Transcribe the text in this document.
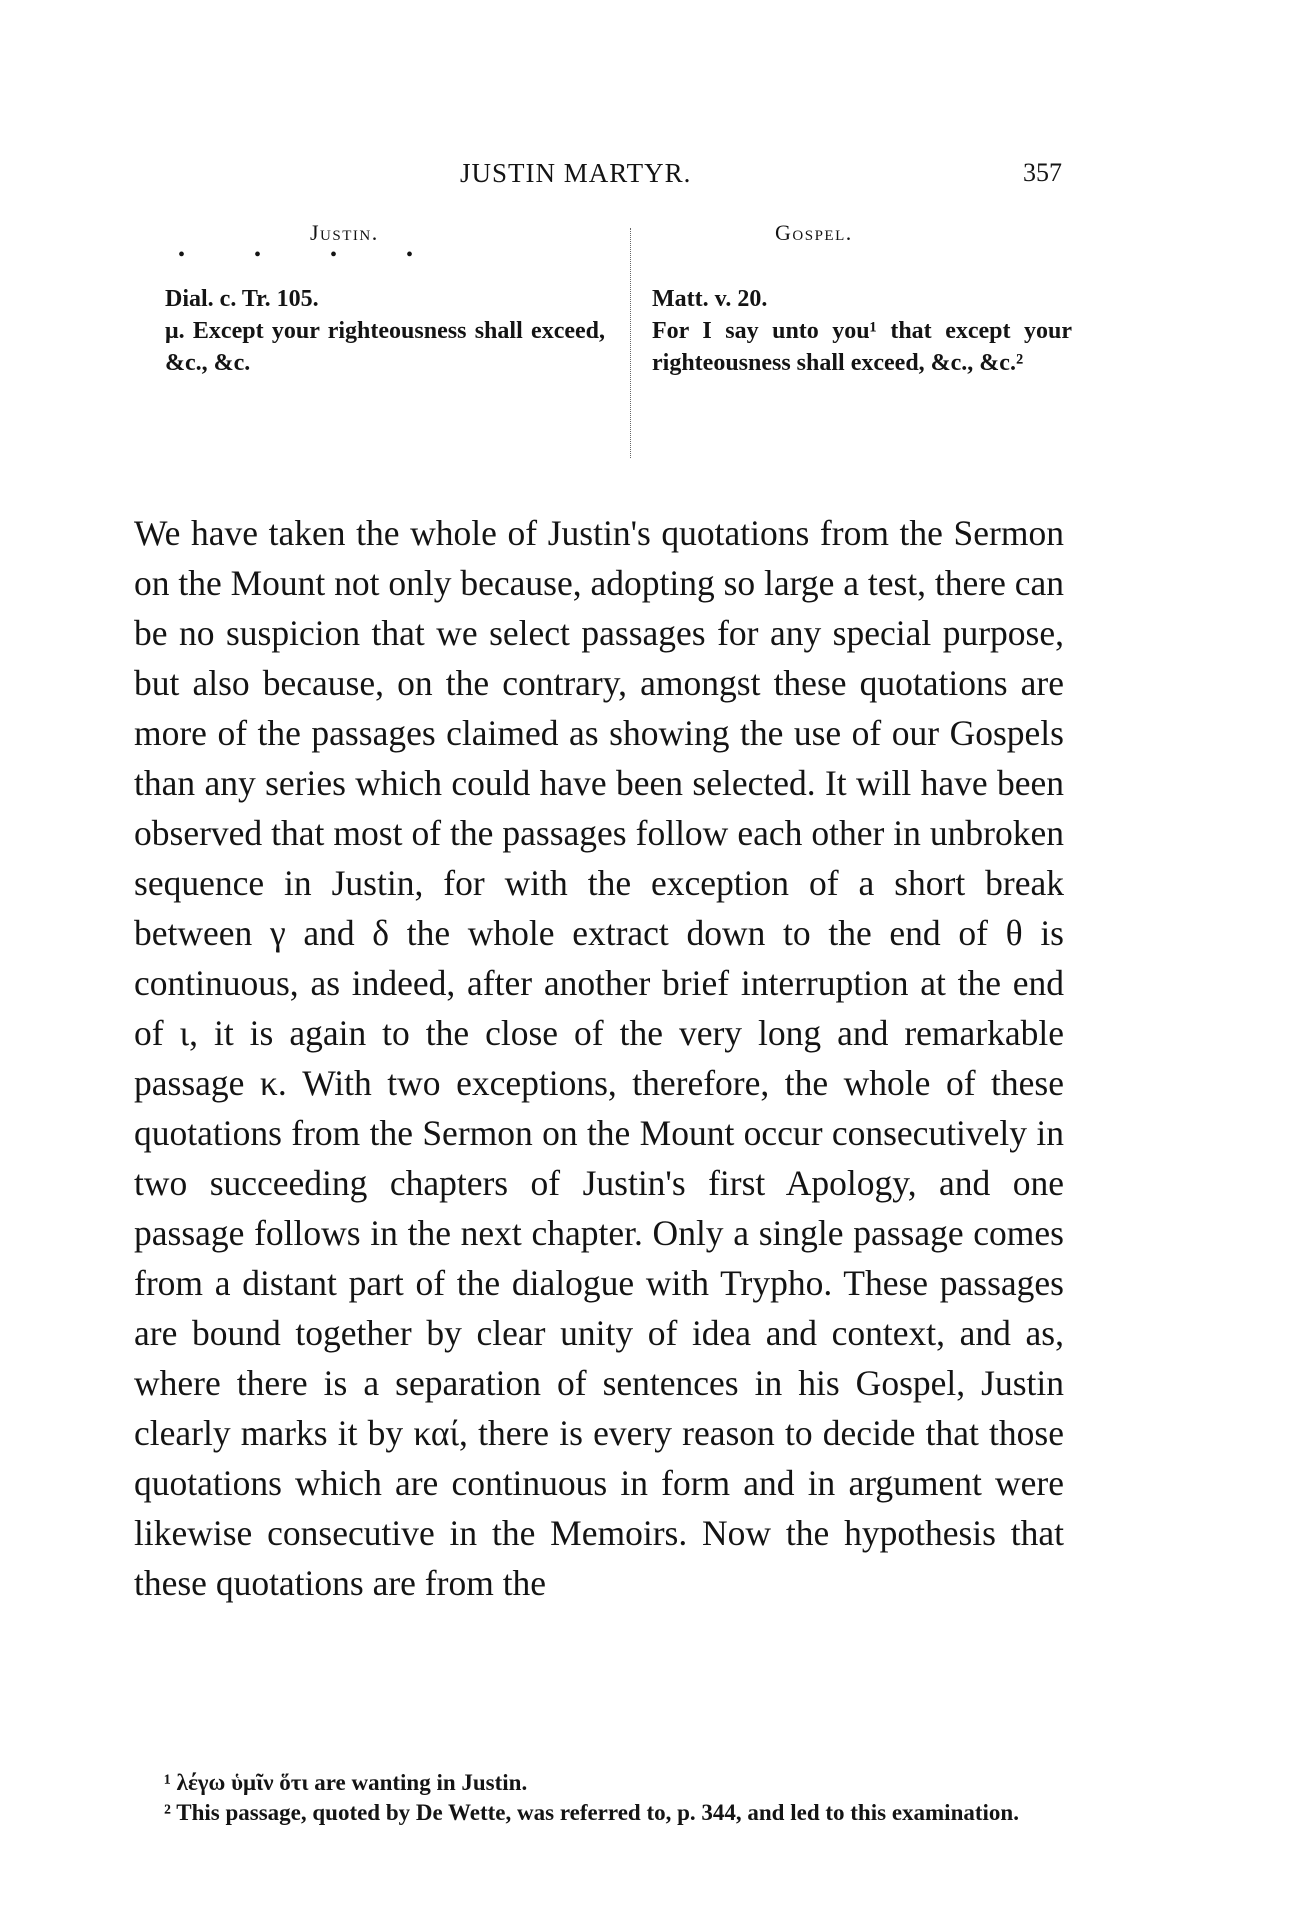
JUSTIN MARTYR.	357
Justin.
• • • •
Gospel.
Dial. c. Tr. 105.
μ. Except your righteousness shall exceed, &c., &c.
Matt. v. 20.
For I say unto you¹ that except your righteousness shall exceed, &c., &c.²

We have taken the whole of Justin's quotations from the Sermon on the Mount not only because, adopting so large a test, there can be no suspicion that we select passages for any special purpose, but also because, on the contrary, amongst these quotations are more of the passages claimed as showing the use of our Gospels than any series which could have been selected. It will have been observed that most of the passages follow each other in unbroken sequence in Justin, for with the exception of a short break between γ and δ the whole extract down to the end of θ is continuous, as indeed, after another brief interruption at the end of ι, it is again to the close of the very long and remarkable passage κ. With two exceptions, therefore, the whole of these quotations from the Sermon on the Mount occur consecutively in two succeeding chapters of Justin's first Apology, and one passage follows in the next chapter. Only a single passage comes from a distant part of the dialogue with Trypho. These passages are bound together by clear unity of idea and context, and as, where there is a separation of sentences in his Gospel, Justin clearly marks it by καί, there is every reason to decide that those quotations which are continuous in form and in argument were likewise consecutive in the Memoirs. Now the hypothesis that these quotations are from the

¹ λέγω ὑμῖν ὅτι are wanting in Justin.

² This passage, quoted by De Wette, was referred to, p. 344, and led to this examination.
